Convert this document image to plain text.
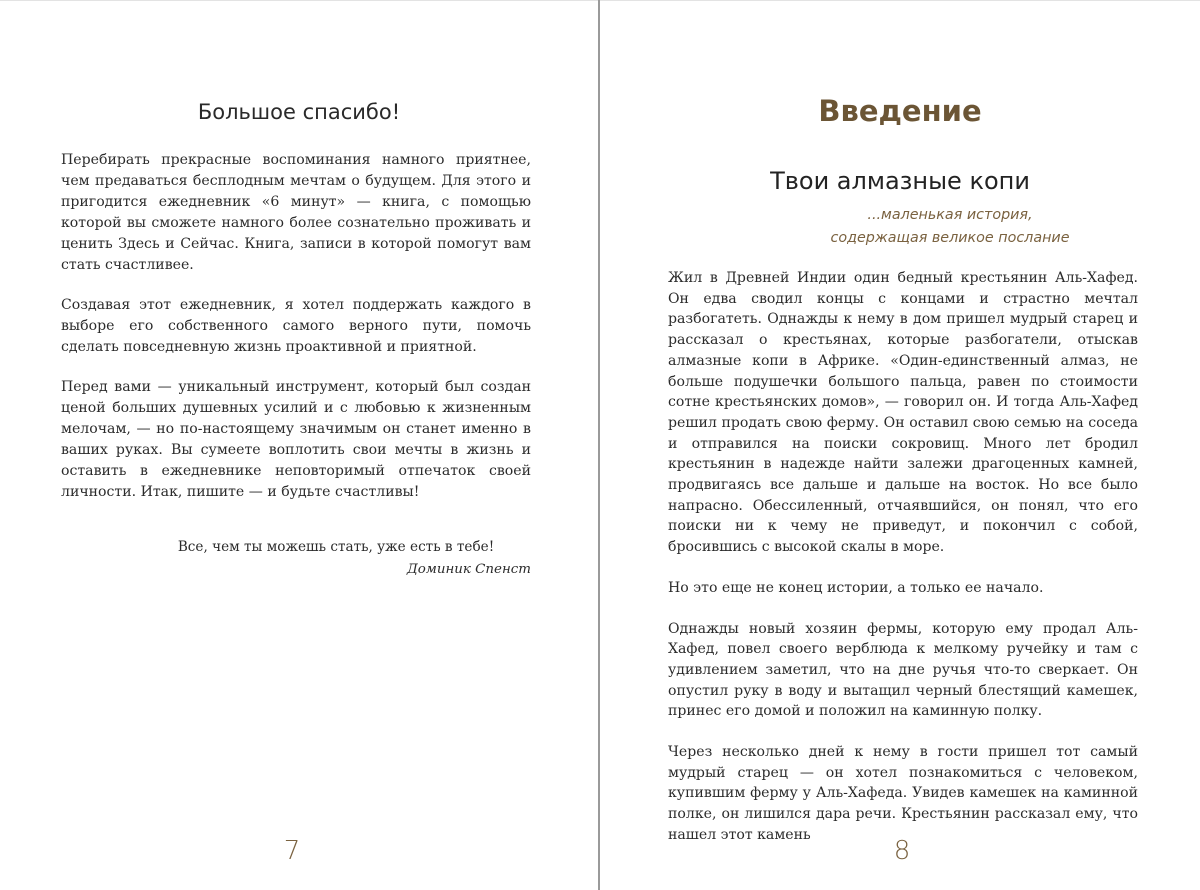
Большое спасибо!

Перебирать прекрасные воспоминания намного приятнее, чем предаваться бесплодным мечтам о будущем. Для этого и пригодится ежедневник «6 минут» — книга, с помощью которой вы сможете намного более сознательно проживать и ценить Здесь и Сейчас. Книга, записи в которой помогут вам стать счастливее.

Создавая этот ежедневник, я хотел поддержать каждого в выборе его собственного самого верного пути, помочь сделать повседневную жизнь проактивной и приятной.

Перед вами — уникальный инструмент, который был создан ценой больших душевных усилий и с любовью к жизненным мелочам, — но по-настоящему значимым он станет именно в ваших руках. Вы сумеете воплотить свои мечты в жизнь и оставить в ежедневнике неповторимый отпечаток своей личности. Итак, пишите — и будьте счастливы!

Все, чем ты можешь стать, уже есть в тебе!
Доминик Спенст
7
Введение
Твои алмазные копи
...маленькая история,
содержащая великое послание

Жил в Древней Индии один бедный крестьянин Аль-Хафед. Он едва сводил концы с концами и страстно мечтал разбогатеть. Однажды к нему в дом пришел мудрый старец и рассказал о крестьянах, которые разбогатели, отыскав алмазные копи в Африке. «Один-единственный алмаз, не больше подушечки большого пальца, равен по стоимости сотне крестьянских домов», — говорил он. И тогда Аль-Хафед решил продать свою ферму. Он оставил свою семью на соседа и отправился на поиски сокровищ. Много лет бродил крестьянин в надежде найти залежи драгоценных камней, продвигаясь все дальше и дальше на восток. Но все было напрасно. Обессиленный, отчаявшийся, он понял, что его поиски ни к чему не приведут, и покончил с собой, бросившись с высокой скалы в море.

Но это еще не конец истории, а только ее начало.

Однажды новый хозяин фермы, которую ему продал Аль-Хафед, повел своего верблюда к мелкому ручейку и там с удивлением заметил, что на дне ручья что-то сверкает. Он опустил руку в воду и вытащил черный блестящий камешек, принес его домой и положил на каминную полку.

Через несколько дней к нему в гости пришел тот самый мудрый старец — он хотел познакомиться с человеком, купившим ферму у Аль-Хафеда. Увидев камешек на каминной полке, он лишился дара речи. Крестьянин рассказал ему, что нашел этот камень

8
